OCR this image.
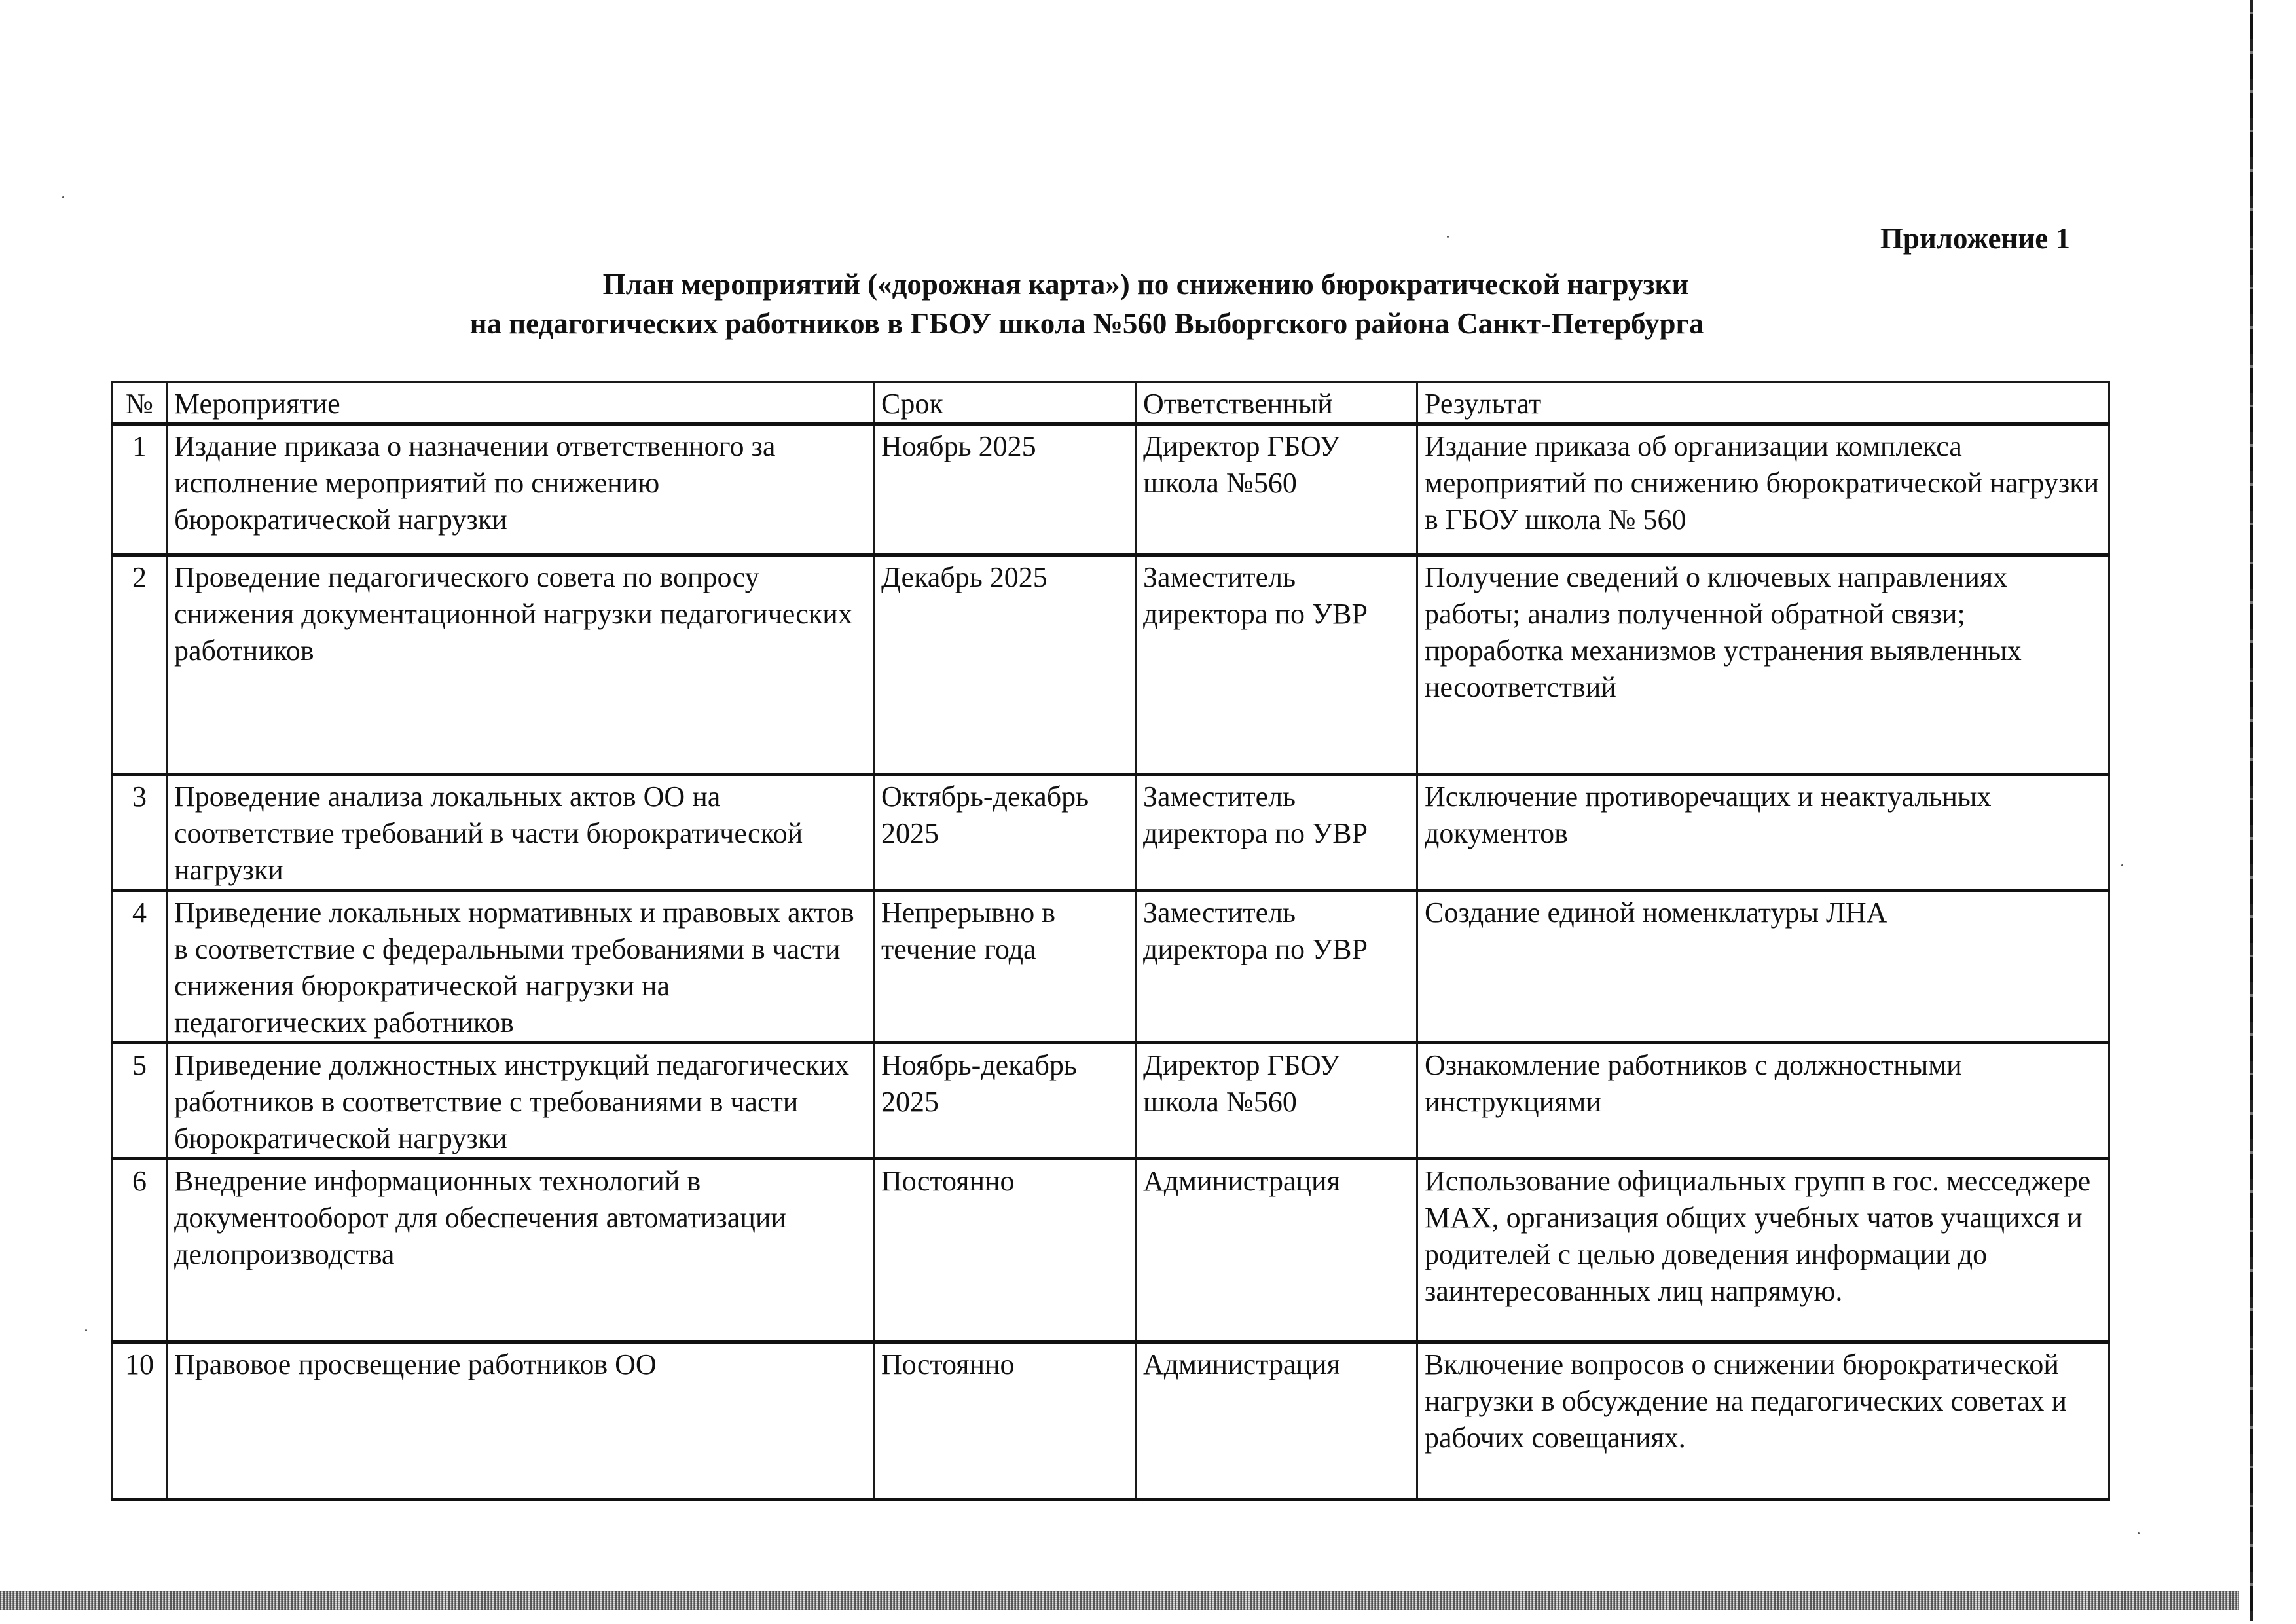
Приложение 1
План мероприятий («дорожная карта») по снижению бюрократической нагрузки
на педагогических работников в ГБОУ школа №560 Выборгского района Санкт-Петербурга
№	Мероприятие	Срок	Ответственный	Результат
1	Издание приказа о назначении ответственного за исполнение мероприятий по снижению бюрократической нагрузки	Ноябрь 2025	Директор ГБОУ школа №560	Издание приказа об организации комплекса мероприятий по снижению бюрократической нагрузки в ГБОУ школа № 560
2	Проведение педагогического совета по вопросу снижения документационной нагрузки педагогических работников	Декабрь 2025	Заместитель директора по УВР	Получение сведений о ключевых направлениях работы; анализ полученной обратной связи; проработка механизмов устранения выявленных несоответствий
3	Проведение анализа локальных актов ОО на соответствие требований в части бюрократической нагрузки	Октябрь-декабрь 2025	Заместитель директора по УВР	Исключение противоречащих и неактуальных документов
4	Приведение локальных нормативных и правовых актов в соответствие с федеральными требованиями в части снижения бюрократической нагрузки на педагогических работников	Непрерывно в течение года	Заместитель директора по УВР	Создание единой номенклатуры ЛНА
5	Приведение должностных инструкций педагогических работников в соответствие с требованиями в части бюрократической нагрузки	Ноябрь-декабрь 2025	Директор ГБОУ школа №560	Ознакомление работников с должностными инструкциями
6	Внедрение информационных технологий в документооборот для обеспечения автоматизации делопроизводства	Постоянно	Администрация	Использование официальных групп в гос. месседжере МАХ, организация общих учебных чатов учащихся и родителей с целью доведения информации до заинтересованных лиц напрямую.
10	Правовое просвещение работников ОО	Постоянно	Администрация	Включение вопросов о снижении бюрократической нагрузки в обсуждение на педагогических советах и рабочих совещаниях.
